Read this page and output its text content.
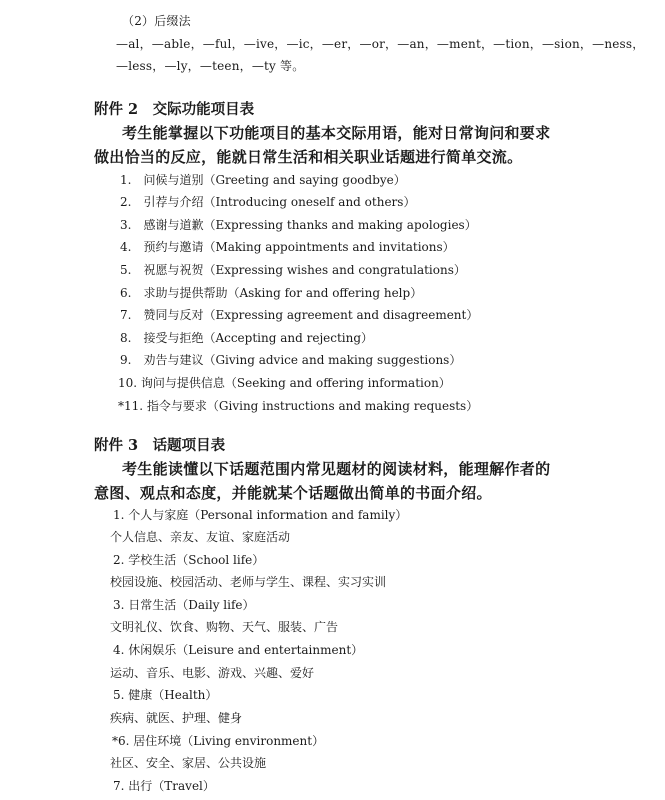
（2）后缀法
—al，—able，—ful，—ive，—ic，—er，—or，—an，—ment，—tion，—sion，—ness，
—less，—ly，—teen，—ty 等。
附件 2　交际功能项目表
考生能掌握以下功能项目的基本交际用语，能对日常询问和要求
做出恰当的反应，能就日常生活和相关职业话题进行简单交流。
1.　问候与道别（Greeting and saying goodbye）
2.　引荐与介绍（Introducing oneself and others）
3.　感谢与道歉（Expressing thanks and making apologies）
4.　预约与邀请（Making appointments and invitations）
5.　祝愿与祝贺（Expressing wishes and congratulations）
6.　求助与提供帮助（Asking for and offering help）
7.　赞同与反对（Expressing agreement and disagreement）
8.　接受与拒绝（Accepting and rejecting）
9.　劝告与建议（Giving advice and making suggestions）
10. 询问与提供信息（Seeking and offering information）
*11. 指令与要求（Giving instructions and making requests）
附件 3　话题项目表
考生能读懂以下话题范围内常见题材的阅读材料，能理解作者的
意图、观点和态度，并能就某个话题做出简单的书面介绍。
1. 个人与家庭（Personal information and family）
个人信息、亲友、友谊、家庭活动
2. 学校生活（School life）
校园设施、校园活动、老师与学生、课程、实习实训
3. 日常生活（Daily life）
文明礼仪、饮食、购物、天气、服装、广告
4. 休闲娱乐（Leisure and entertainment）
运动、音乐、电影、游戏、兴趣、爱好
5. 健康（Health）
疾病、就医、护理、健身
*6. 居住环境（Living environment）
社区、安全、家居、公共设施
7. 出行（Travel）
